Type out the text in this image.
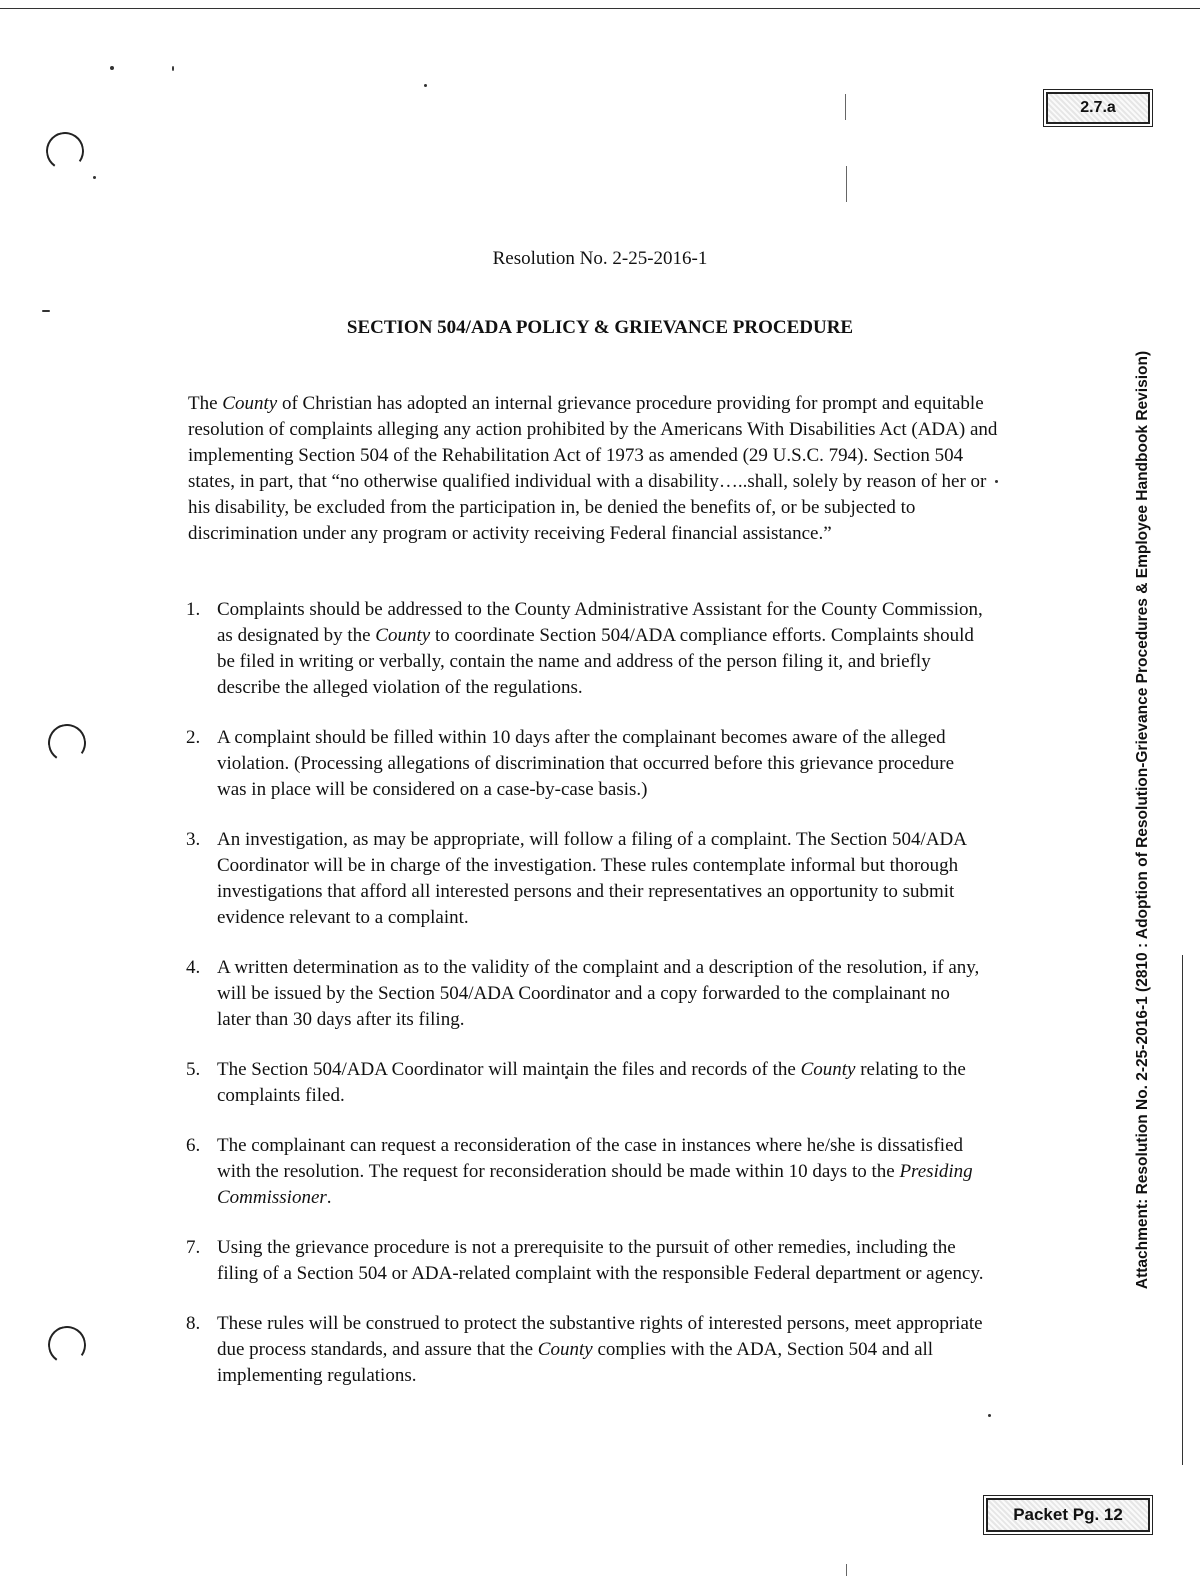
2.7.a
Attachment: Resolution No. 2-25-2016-1 (2810 : Adoption of Resolution-Grievance Procedures & Employee Handbook Revision)
Resolution No. 2-25-2016-1
SECTION 504/ADA POLICY & GRIEVANCE PROCEDURE

The County of Christian has adopted an internal grievance procedure providing for prompt and equitable resolution of complaints alleging any action prohibited by the Americans With Disabilities Act (ADA) and implementing Section 504 of the Rehabilitation Act of 1973 as amended (29 U.S.C. 794). Section 504 states, in part, that “no otherwise qualified individual with a disability…..shall, solely by reason of her or his disability, be excluded from the participation in, be denied the benefits of, or be subjected to discrimination under any program or activity receiving Federal financial assistance.”

1. Complaints should be addressed to the County Administrative Assistant for the County Commission, as designated by the County to coordinate Section 504/ADA compliance efforts. Complaints should be filed in writing or verbally, contain the name and address of the person filing it, and briefly describe the alleged violation of the regulations.
2. A complaint should be filled within 10 days after the complainant becomes aware of the alleged violation. (Processing allegations of discrimination that occurred before this grievance procedure was in place will be considered on a case-by-case basis.)
3. An investigation, as may be appropriate, will follow a filing of a complaint. The Section 504/ADA Coordinator will be in charge of the investigation. These rules contemplate informal but thorough investigations that afford all interested persons and their representatives an opportunity to submit evidence relevant to a complaint.
4. A written determination as to the validity of the complaint and a description of the resolution, if any, will be issued by the Section 504/ADA Coordinator and a copy forwarded to the complainant no later than 30 days after its filing.
5. The Section 504/ADA Coordinator will maintain the files and records of the County relating to the complaints filed.
6. The complainant can request a reconsideration of the case in instances where he/she is dissatisfied with the resolution. The request for reconsideration should be made within 10 days to the Presiding Commissioner.
7. Using the grievance procedure is not a prerequisite to the pursuit of other remedies, including the filing of a Section 504 or ADA-related complaint with the responsible Federal department or agency.
8. These rules will be construed to protect the substantive rights of interested persons, meet appropriate due process standards, and assure that the County complies with the ADA, Section 504 and all implementing regulations.
Packet Pg. 12
